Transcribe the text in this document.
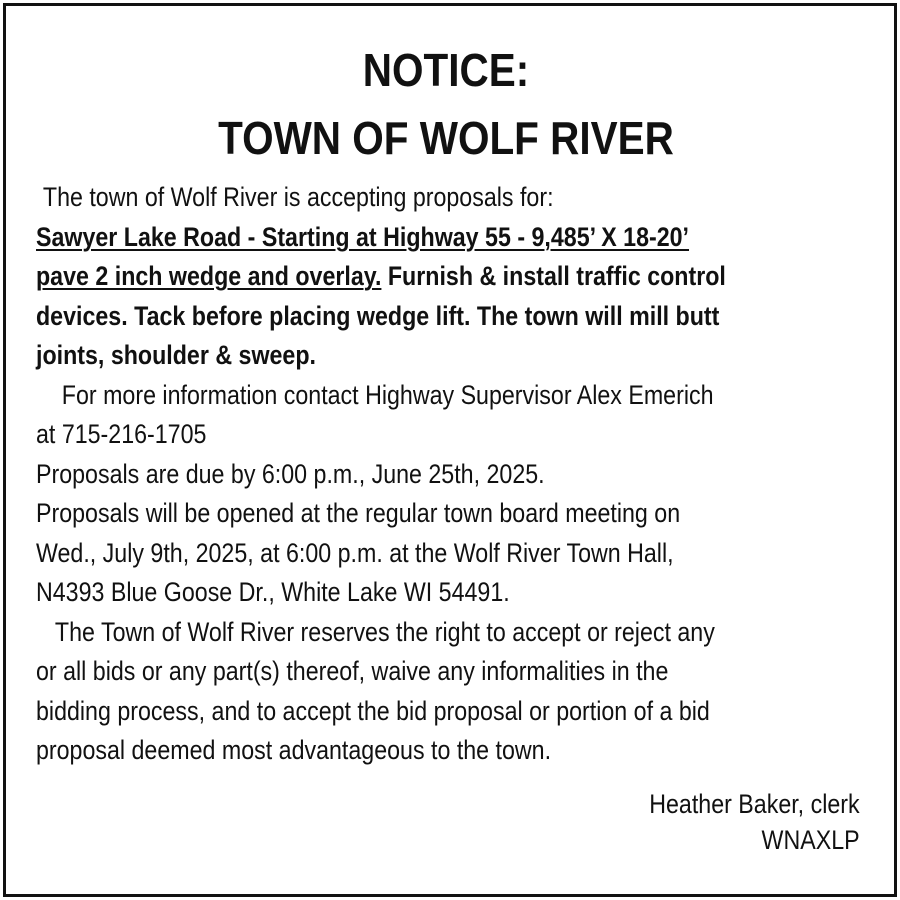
NOTICE:

TOWN OF WOLF RIVER

The town of Wolf River is accepting proposals for:
Sawyer Lake Road - Starting at Highway 55 - 9,485’ X 18-20’
pave 2 inch wedge and overlay. Furnish & install traffic control
devices. Tack before placing wedge lift. The town will mill butt
joints, shoulder & sweep.
For more information contact Highway Supervisor Alex Emerich
at 715-216-1705
Proposals are due by 6:00 p.m., June 25th, 2025.
Proposals will be opened at the regular town board meeting on
Wed., July 9th, 2025, at 6:00 p.m. at the Wolf River Town Hall,
N4393 Blue Goose Dr., White Lake WI 54491.
The Town of Wolf River reserves the right to accept or reject any
or all bids or any part(s) thereof, waive any informalities in the
bidding process, and to accept the bid proposal or portion of a bid
proposal deemed most advantageous to the town.
Heather Baker, clerk
WNAXLP
